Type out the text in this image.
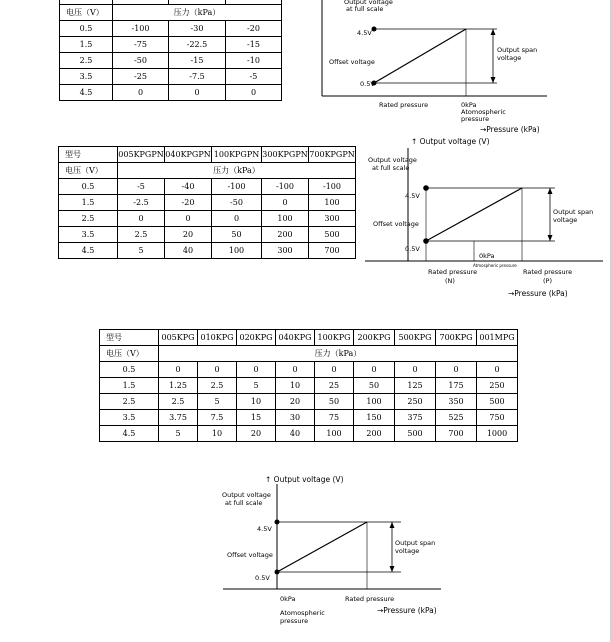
电压（V）	压力（kPa）		
0.5	-100	-30	-20
1.5	-75	-22.5	-15
2.5	-50	-15	-10
3.5	-25	-7.5	-5
4.5	0	0	0
Output voltage
at full scale
4.5V
Offset voltage
0.5V
Output span
voltage
Rated pressure	0kPa
Atomospheric
pressure
→Pressure (kPa)
型号	005KPGPN	040KPGPN	100KPGPN	300KPGPN	700KPGPN
电压（V）	压力（kPa）				
0.5	-5	-40	-100	-100	-100
1.5	-2.5	-20	-50	0	100
2.5	0	0	0	100	300
3.5	2.5	20	50	200	500
4.5	5	40	100	300	700
↑ Output voltage (V)
Output voltage
at full scale
4.5V
Offset voltage
0.5V
Output span
voltage
0kPa
Atmospheric pressure
Rated pressure
(N)
Rated pressure
(P)
→Pressure (kPa)
型号	005KPG	010KPG	020KPG	040KPG	100KPG	200KPG	500KPG	700KPG	001MPG
电压（V）	压力（kPa）								
0.5	0	0	0	0	0	0	0	0	0
1.5	1.25	2.5	5	10	25	50	125	175	250
2.5	2.5	5	10	20	50	100	250	350	500
3.5	3.75	7.5	15	30	75	150	375	525	750
4.5	5	10	20	40	100	200	500	700	1000
↑ Output voltage (V)
Output voltage
at full scale
4.5V
Offset voltage
0.5V
Output span
voltage
0kPa	Rated pressure
Atomospheric
pressure
→Pressure (kPa)
